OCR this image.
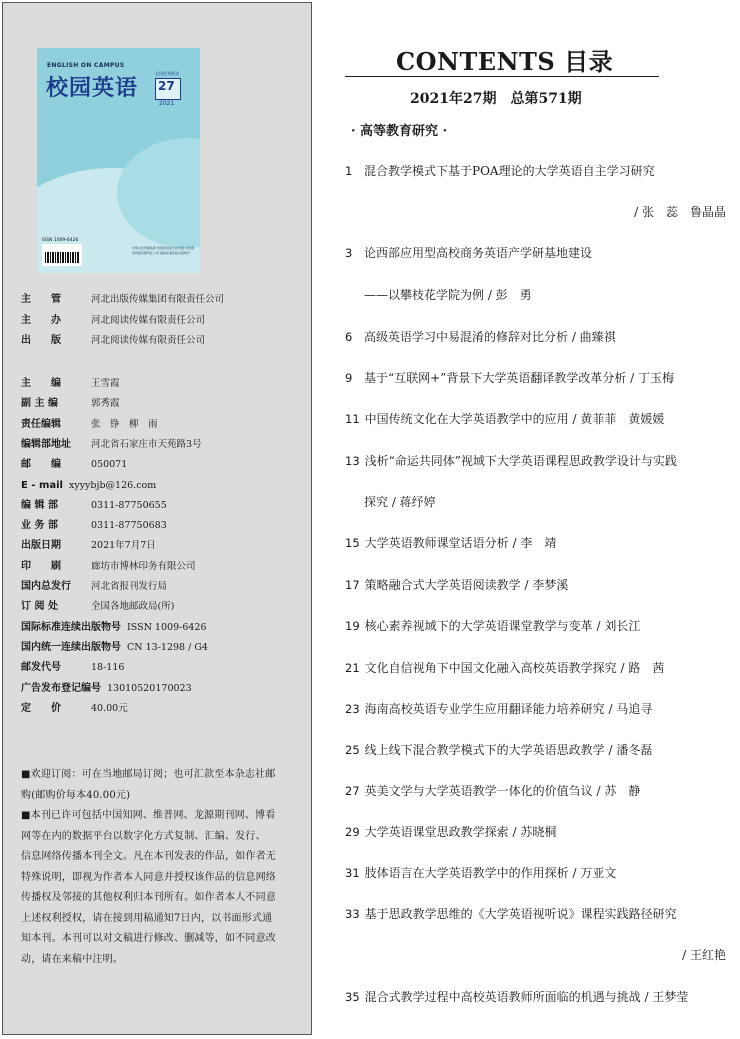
ENGLISH ON CAMPUS
校园英语
全国优秀期刊
27
2021
ISSN 1009-6426
中国文化传媒集团 校园英语杂志社出版 河北阅读传媒有限责任公司 国际标准连续出版物号
主　　管	河北出版传媒集团有限责任公司
主　　办	河北阅读传媒有限责任公司
出　　版	河北阅读传媒有限责任公司
主　　编	王雪霞
副 主 编	郭秀霞
责任编辑	张　铮　柳　雨
编辑部地址 河北省石家庄市天苑路3号
邮　　编	050071
E - mail xyyybjb@126.com
编 辑 部	0311-87750655
业 务 部	0311-87750683
出版日期	2021年7月7日
印　　刷	廊坊市博林印务有限公司
国内总发行 河北省报刊发行局
订 阅 处	全国各地邮政局(所)
国际标准连续出版物号 ISSN 1009-6426
国内统一连续出版物号 CN 13-1298 / G4
邮发代号	18-116
广告发布登记编号 13010520170023
定　　价	40.00元
■欢迎订阅：可在当地邮局订阅；也可汇款至本杂志社邮
购(邮购价每本40.00元)
■本刊已许可包括中国知网、维普网、龙源期刊网、博看
网等在内的数据平台以数字化方式复制、汇编、发行、
信息网络传播本刊全文。凡在本刊发表的作品，如作者无
特殊说明，即视为作者本人同意并授权该作品的信息网络
传播权及邻接的其他权利归本刊所有。如作者本人不同意
上述权利授权，请在接到用稿通知7日内，以书面形式通
知本刊。本刊可以对文稿进行修改、删减等，如不同意改
动，请在来稿中注明。
CONTENTS 目录
2021年27期　总第571期
· 高等教育研究 ·
1 混合教学模式下基于POA理论的大学英语自主学习研究
/ 张　蕊　鲁晶晶
3 论西部应用型高校商务英语产学研基地建设
——以攀枝花学院为例 / 彭　勇
6 高级英语学习中易混淆的修辞对比分析 / 曲臻祺
9 基于“互联网+”背景下大学英语翻译教学改革分析 / 丁玉梅
11 中国传统文化在大学英语教学中的应用 / 黄菲菲　黄媛媛
13 浅析“命运共同体”视域下大学英语课程思政教学设计与实践
探究 / 蒋纾婷
15 大学英语教师课堂话语分析 / 李　靖
17 策略融合式大学英语阅读教学 / 李梦溪
19 核心素养视域下的大学英语课堂教学与变革 / 刘长江
21 文化自信视角下中国文化融入高校英语教学探究 / 路　茜
23 海南高校英语专业学生应用翻译能力培养研究 / 马追寻
25 线上线下混合教学模式下的大学英语思政教学 / 潘冬磊
27 英美文学与大学英语教学一体化的价值刍议 / 苏　静
29 大学英语课堂思政教学探索 / 苏晓桐
31 肢体语言在大学英语教学中的作用探析 / 万亚文
33 基于思政教学思维的《大学英语视听说》课程实践路径研究
/ 王红艳
35 混合式教学过程中高校英语教师所面临的机遇与挑战 / 王梦莹
